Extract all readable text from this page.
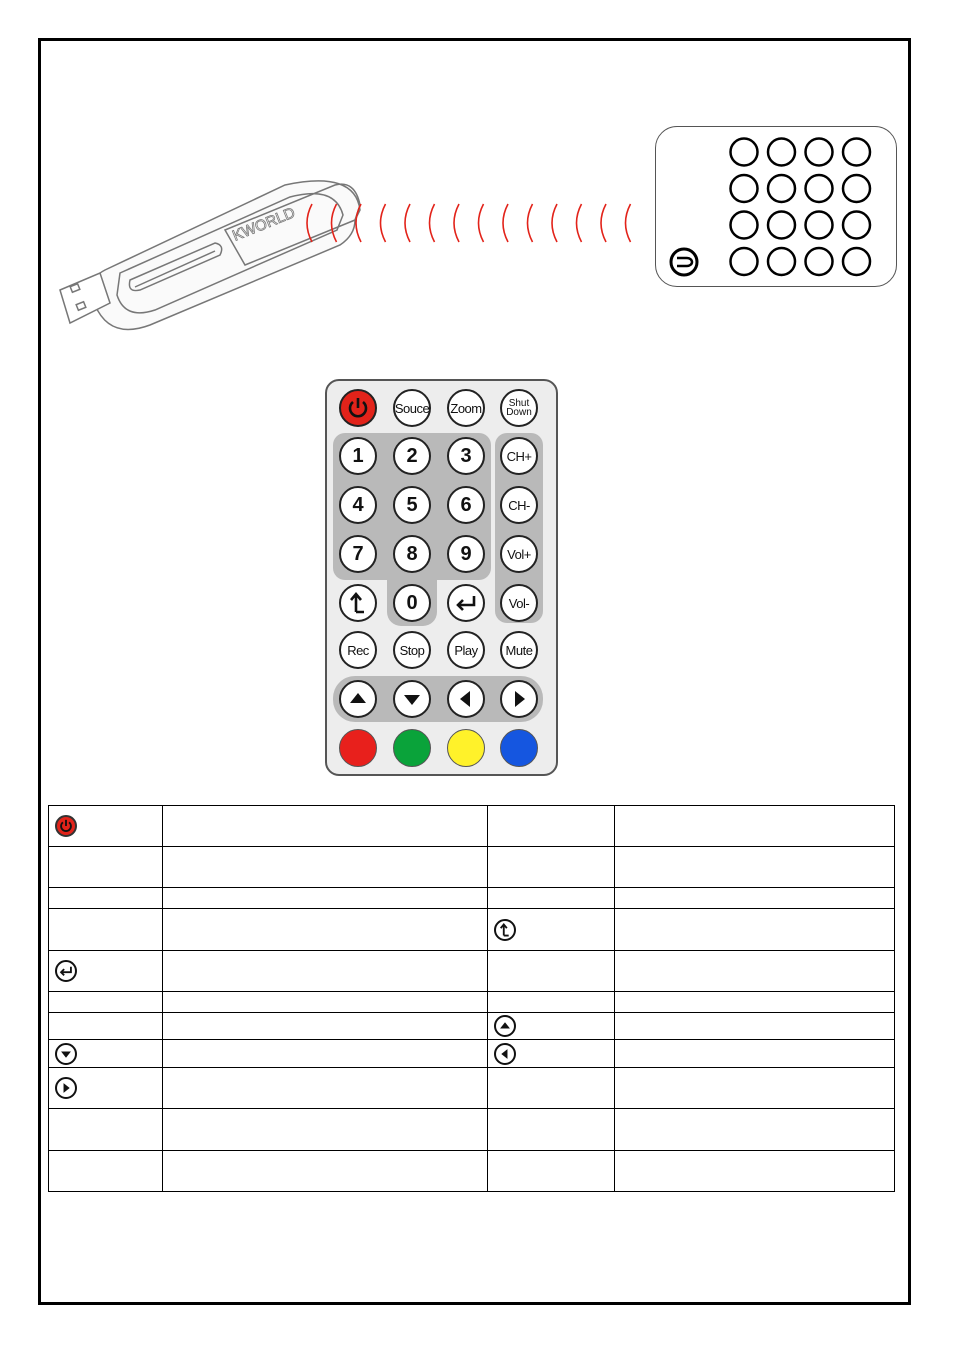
KWORLD
Souce Zoom	Shut
Down
1	2	3
4	5	6
7	8	9
0
CH+
CH-
Vol+
Vol-
Rec	Stop	Play	Mute
